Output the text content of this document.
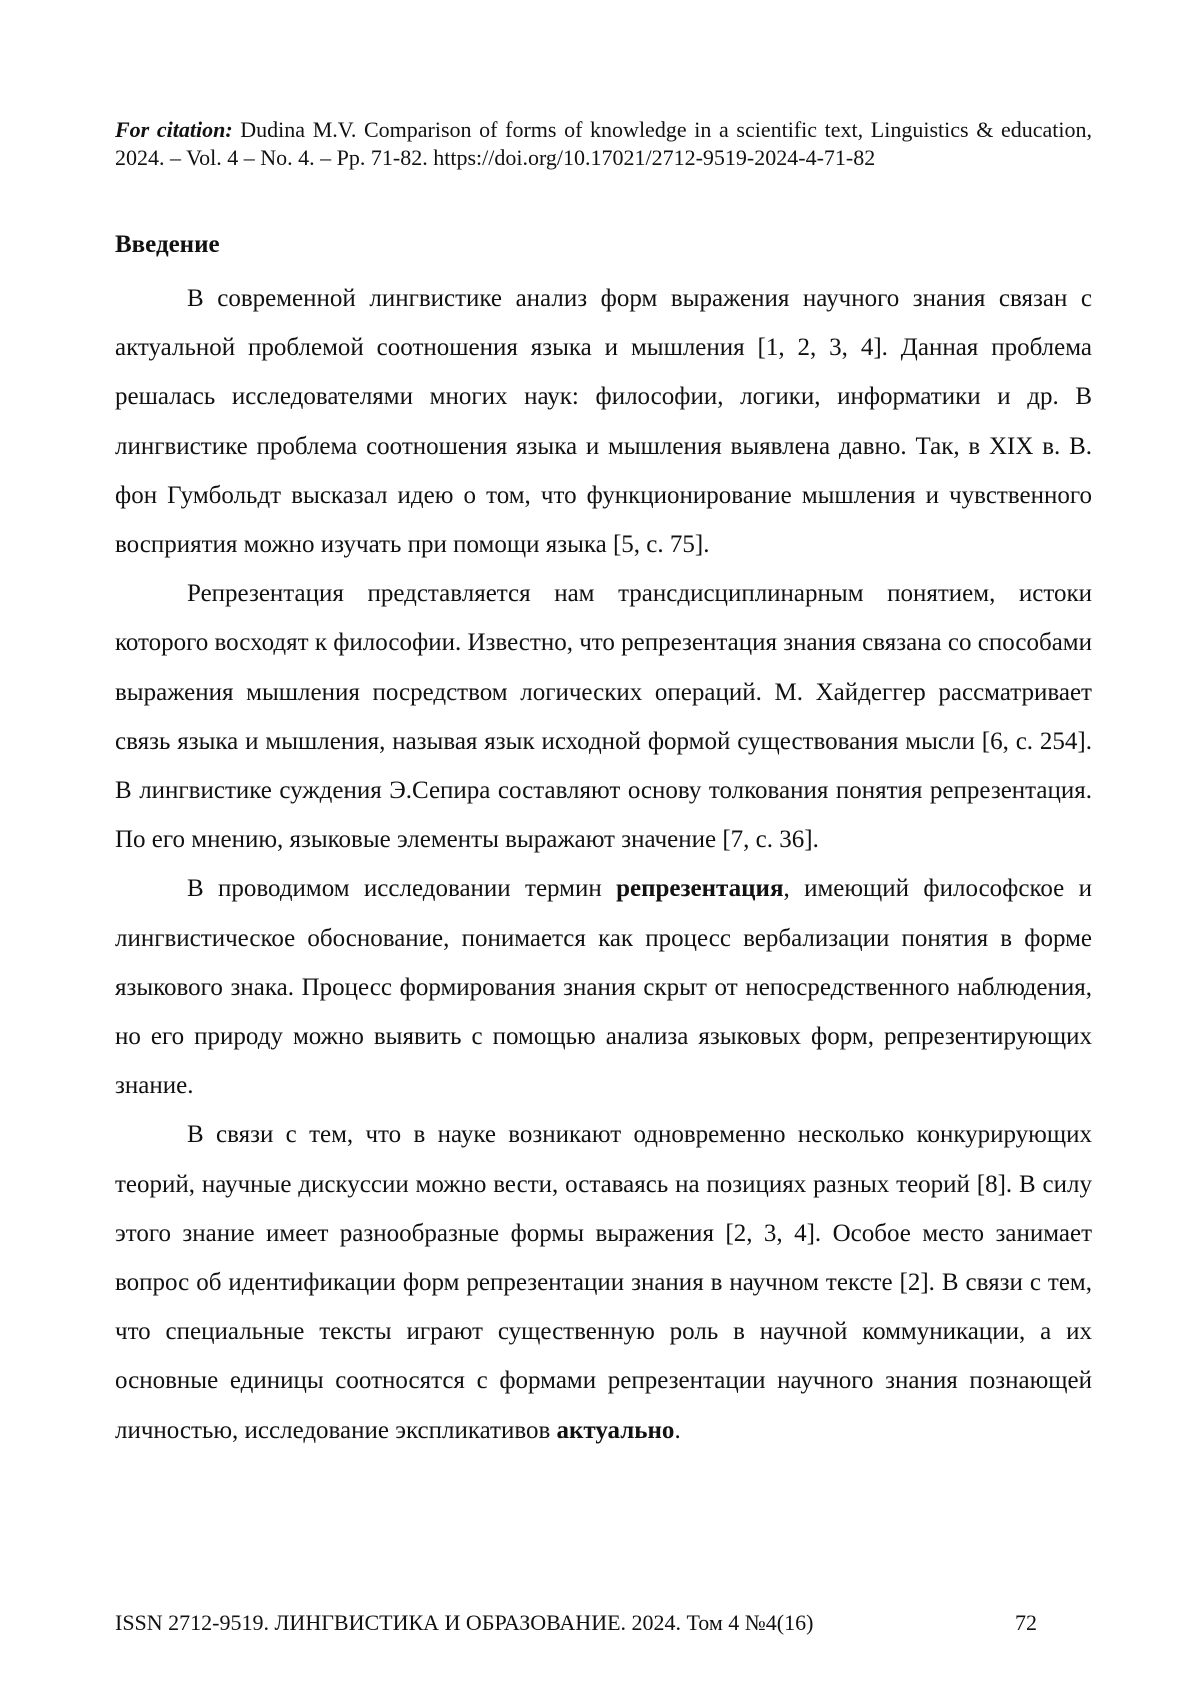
For citation: Dudina M.V. Comparison of forms of knowledge in a scientific text, Linguistics & education, 2024. – Vol. 4 – No. 4. – Pp. 71-82. https://doi.org/10.17021/2712-9519-2024-4-71-82
Введение

В современной лингвистике анализ форм выражения научного знания связан с актуальной проблемой соотношения языка и мышления [1, 2, 3, 4]. Данная проблема решалась исследователями многих наук: философии, логики, информатики и др. В лингвистике проблема соотношения языка и мышления выявлена давно. Так, в XIX в. В. фон Гумбольдт высказал идею о том, что функционирование мышления и чувственного восприятия можно изучать при помощи языка [5, с. 75].

Репрезентация представляется нам трансдисциплинарным понятием, истоки которого восходят к философии. Известно, что репрезентация знания связана со способами выражения мышления посредством логических операций. М. Хайдеггер рассматривает связь языка и мышления, называя язык исходной формой существования мысли [6, с. 254]. В лингвистике суждения Э.Сепира составляют основу толкования понятия репрезентация. По его мнению, языковые элементы выражают значение [7, с. 36].

В проводимом исследовании термин репрезентация, имеющий философское и лингвистическое обоснование, понимается как процесс вербализации понятия в форме языкового знака. Процесс формирования знания скрыт от непосредственного наблюдения, но его природу можно выявить с помощью анализа языковых форм, репрезентирующих знание.

В связи с тем, что в науке возникают одновременно несколько конкурирующих теорий, научные дискуссии можно вести, оставаясь на позициях разных теорий [8]. В силу этого знание имеет разнообразные формы выражения [2, 3, 4]. Особое место занимает вопрос об идентификации форм репрезентации знания в научном тексте [2]. В связи с тем, что специальные тексты играют существенную роль в научной коммуникации, а их основные единицы соотносятся с формами репрезентации научного знания познающей личностью, исследование экспликативов актуально.

ISSN 2712-9519. ЛИНГВИСТИКА И ОБРАЗОВАНИЕ. 2024. Том 4 №4(16)	72
